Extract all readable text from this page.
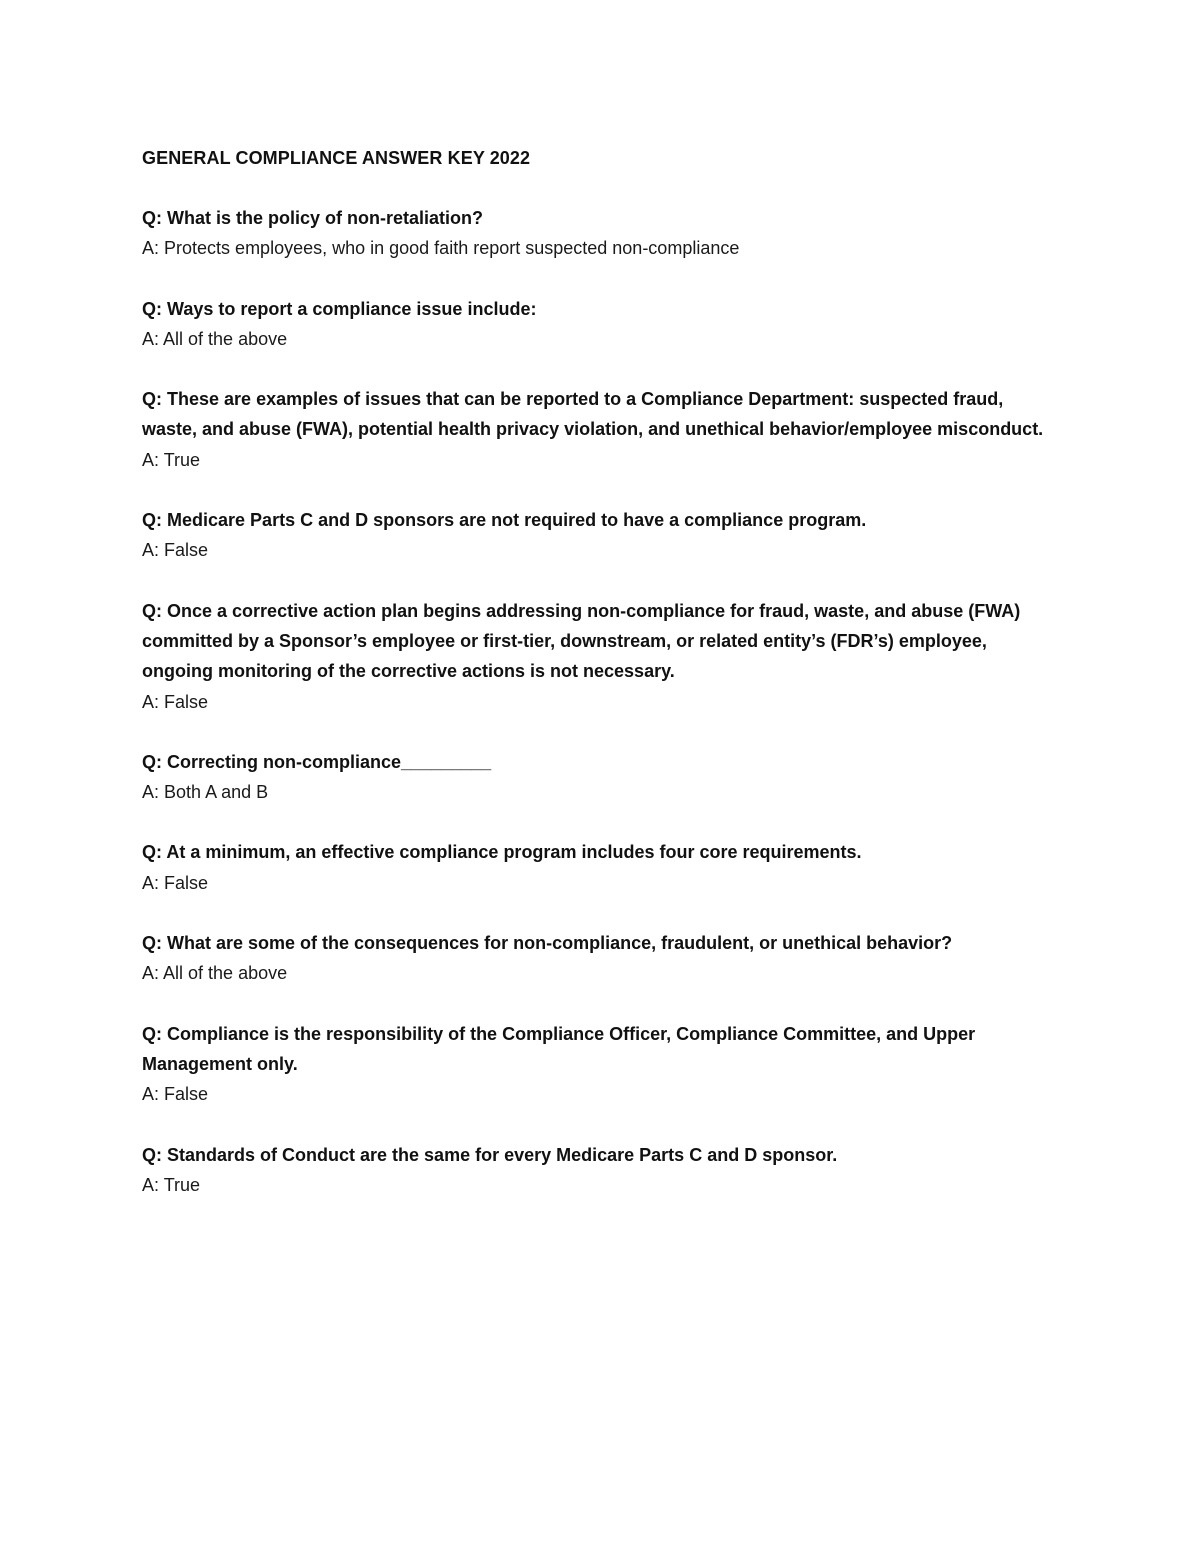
GENERAL COMPLIANCE ANSWER KEY 2022

Q: What is the policy of non-retaliation?

A: Protects employees, who in good faith report suspected non-compliance

Q: Ways to report a compliance issue include:

A: All of the above

Q: These are examples of issues that can be reported to a Compliance Department: suspected fraud, waste, and abuse (FWA), potential health privacy violation, and unethical behavior/employee misconduct.

A: True

Q: Medicare Parts C and D sponsors are not required to have a compliance program.

A: False

Q: Once a corrective action plan begins addressing non-compliance for fraud, waste, and abuse (FWA) committed by a Sponsor’s employee or first-tier, downstream, or related entity’s (FDR’s) employee, ongoing monitoring of the corrective actions is not necessary.

A: False

Q: Correcting non-compliance_________

A: Both A and B

Q: At a minimum, an effective compliance program includes four core requirements.

A: False

Q: What are some of the consequences for non-compliance, fraudulent, or unethical behavior?

A: All of the above

Q: Compliance is the responsibility of the Compliance Officer, Compliance Committee, and Upper Management only.

A: False

Q: Standards of Conduct are the same for every Medicare Parts C and D sponsor.

A: True
